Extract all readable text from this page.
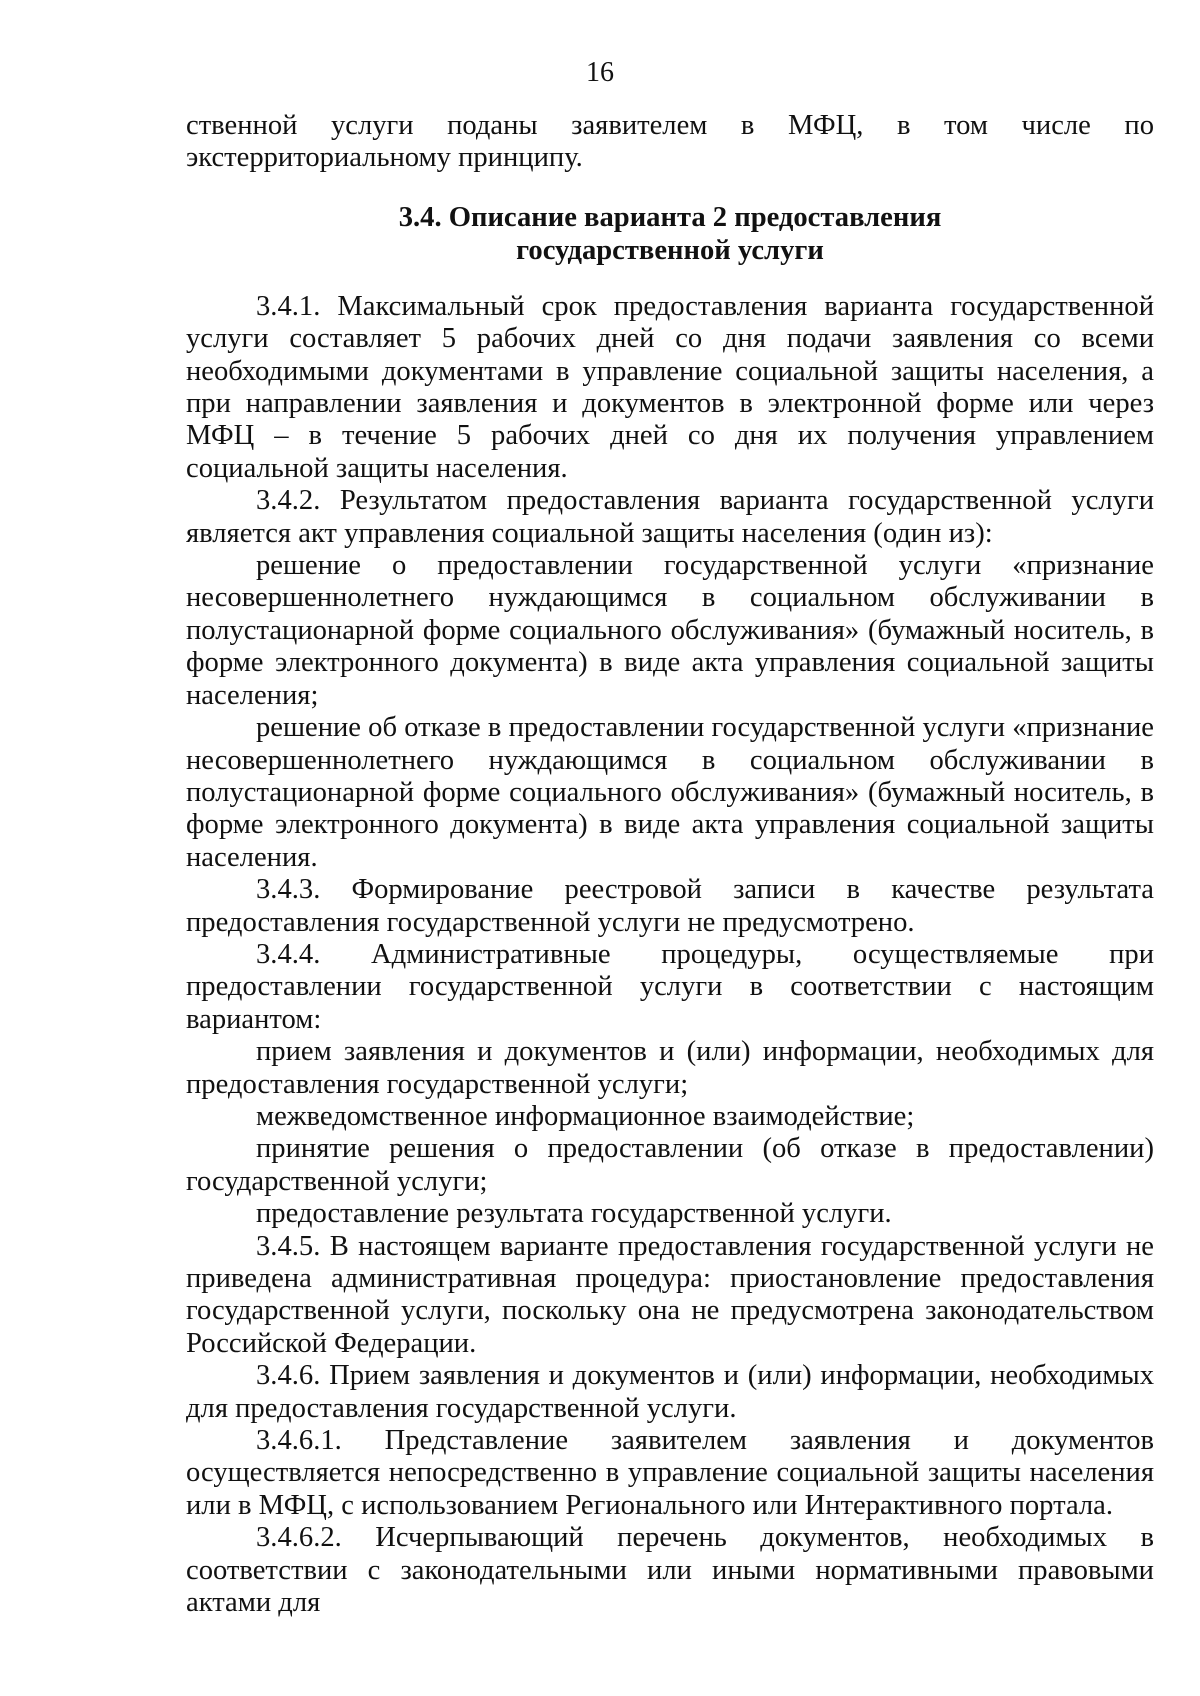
16

ственной услуги поданы заявителем в МФЦ, в том числе по экстерриториальному принципу.

3.4. Описание варианта 2 предоставления
государственной услуги

3.4.1. Максимальный срок предоставления варианта государственной услуги составляет 5 рабочих дней со дня подачи заявления со всеми необходимыми документами в управление социальной защиты населения, а при направлении заявления и документов в электронной форме или через МФЦ – в течение 5 рабочих дней со дня их получения управлением социальной защиты населения.

3.4.2. Результатом предоставления варианта государственной услуги является акт управления социальной защиты населения (один из):

решение о предоставлении государственной услуги «признание несовершеннолетнего нуждающимся в социальном обслуживании в полустационарной форме социального обслуживания» (бумажный носитель, в форме электронного документа) в виде акта управления социальной защиты населения;

решение об отказе в предоставлении государственной услуги «признание несовершеннолетнего нуждающимся в социальном обслуживании в полустационарной форме социального обслуживания» (бумажный носитель, в форме электронного документа) в виде акта управления социальной защиты населения.

3.4.3. Формирование реестровой записи в качестве результата предоставления государственной услуги не предусмотрено.

3.4.4. Административные процедуры, осуществляемые при предоставлении государственной услуги в соответствии с настоящим вариантом:

прием заявления и документов и (или) информации, необходимых для предоставления государственной услуги;

межведомственное информационное взаимодействие;

принятие решения о предоставлении (об отказе в предоставлении) государственной услуги;

предоставление результата государственной услуги.

3.4.5. В настоящем варианте предоставления государственной услуги не приведена административная процедура: приостановление предоставления государственной услуги, поскольку она не предусмотрена законодательством Российской Федерации.

3.4.6. Прием заявления и документов и (или) информации, необходимых для предоставления государственной услуги.

3.4.6.1. Представление заявителем заявления и документов осуществляется непосредственно в управление социальной защиты населения или в МФЦ, с использованием Регионального или Интерактивного портала.

3.4.6.2. Исчерпывающий перечень документов, необходимых в соответствии с законодательными или иными нормативными правовыми актами для
